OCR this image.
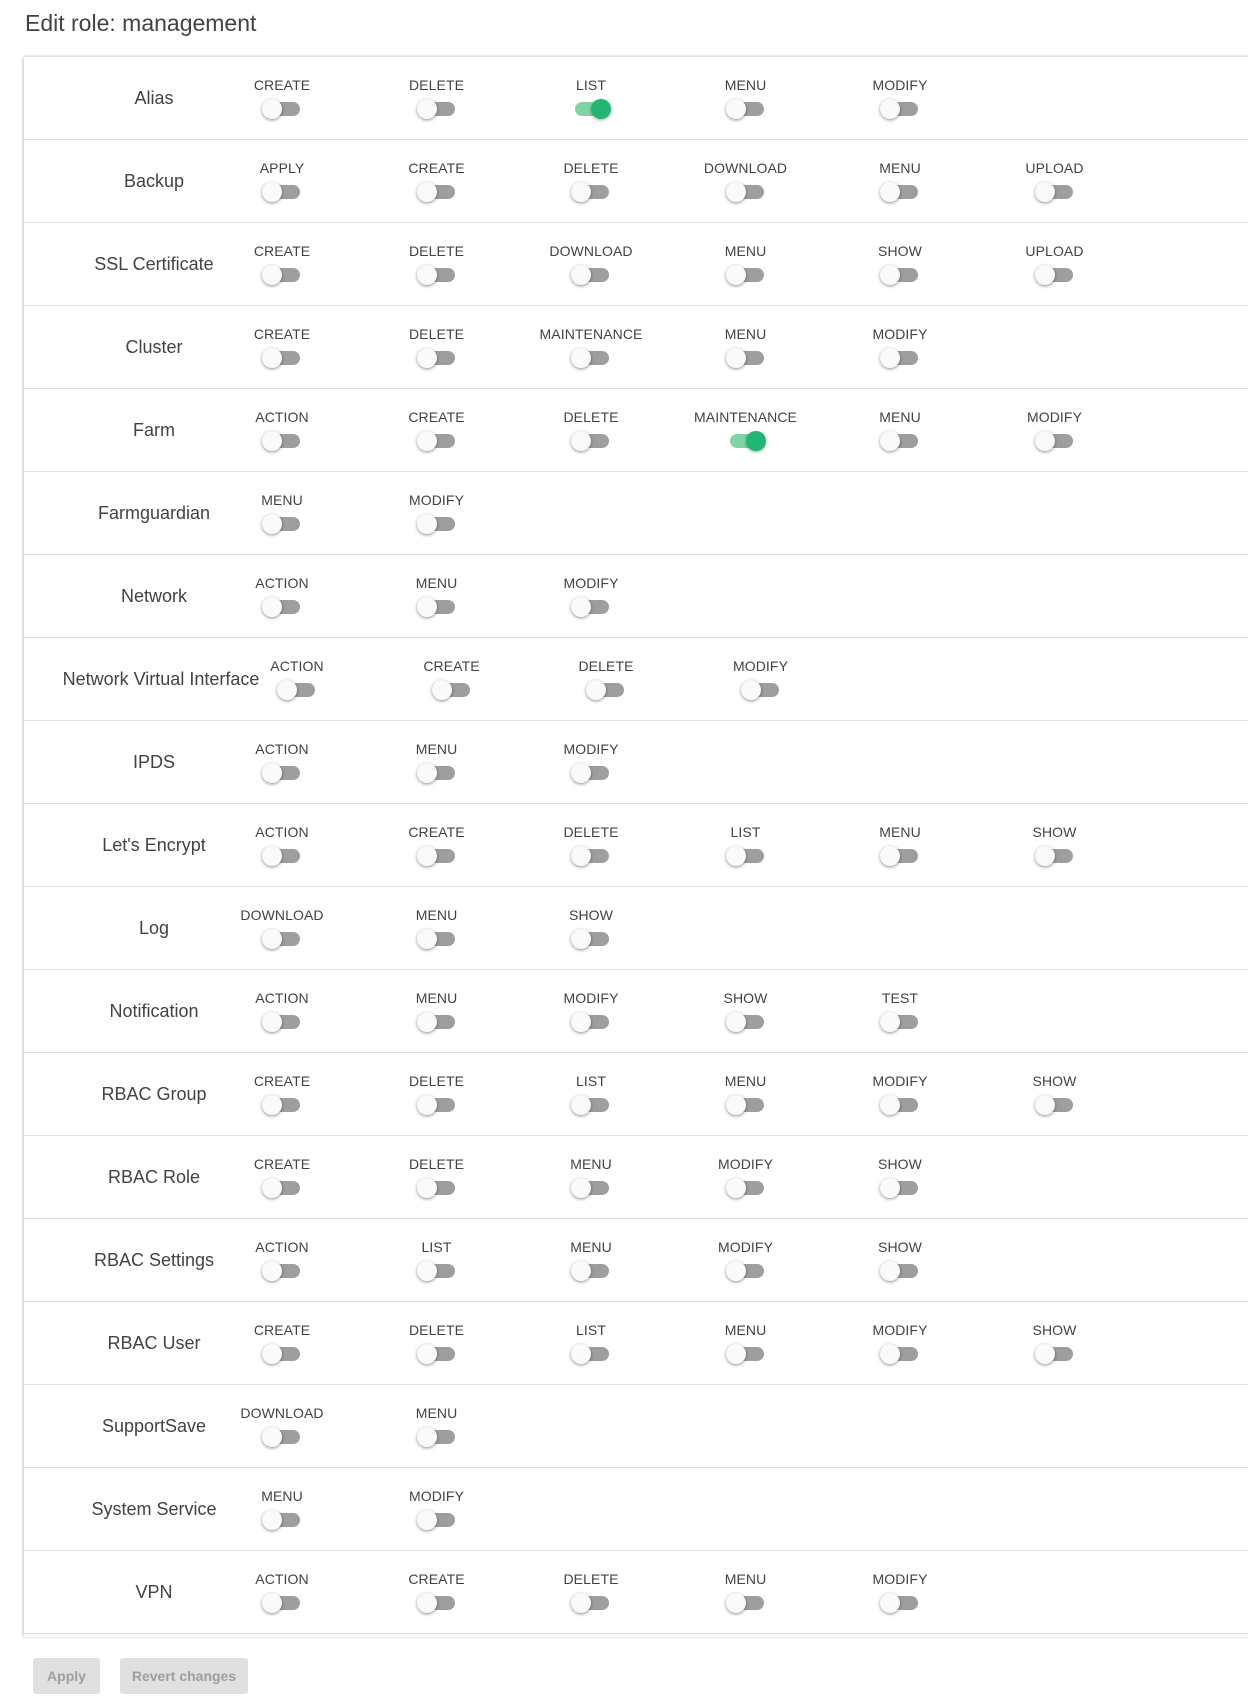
Edit role: management
Alias
CREATE	DELETE	LIST	MENU	MODIFY
Backup
APPLY	CREATE	DELETE	DOWNLOAD	MENU	UPLOAD
SSL Certificate
CREATE	DELETE	DOWNLOAD	MENU	SHOW	UPLOAD
Cluster
CREATE	DELETE	MAINTENANCE	MENU	MODIFY
Farm
ACTION	CREATE	DELETE	MAINTENANCE	MENU	MODIFY
Farmguardian
MENU	MODIFY
Network
ACTION	MENU	MODIFY
Network Virtual Interface
ACTION	CREATE	DELETE	MODIFY
IPDS
ACTION	MENU	MODIFY
Let's Encrypt
ACTION	CREATE	DELETE	LIST	MENU	SHOW
Log
DOWNLOAD	MENU	SHOW
Notification
ACTION	MENU	MODIFY	SHOW	TEST
RBAC Group
CREATE	DELETE	LIST	MENU	MODIFY	SHOW
RBAC Role
CREATE	DELETE	MENU	MODIFY	SHOW
RBAC Settings
ACTION	LIST	MENU	MODIFY	SHOW
RBAC User
CREATE	DELETE	LIST	MENU	MODIFY	SHOW
SupportSave
DOWNLOAD	MENU
System Service
MENU	MODIFY
VPN
ACTION	CREATE	DELETE	MENU	MODIFY
Apply	Revert changes
